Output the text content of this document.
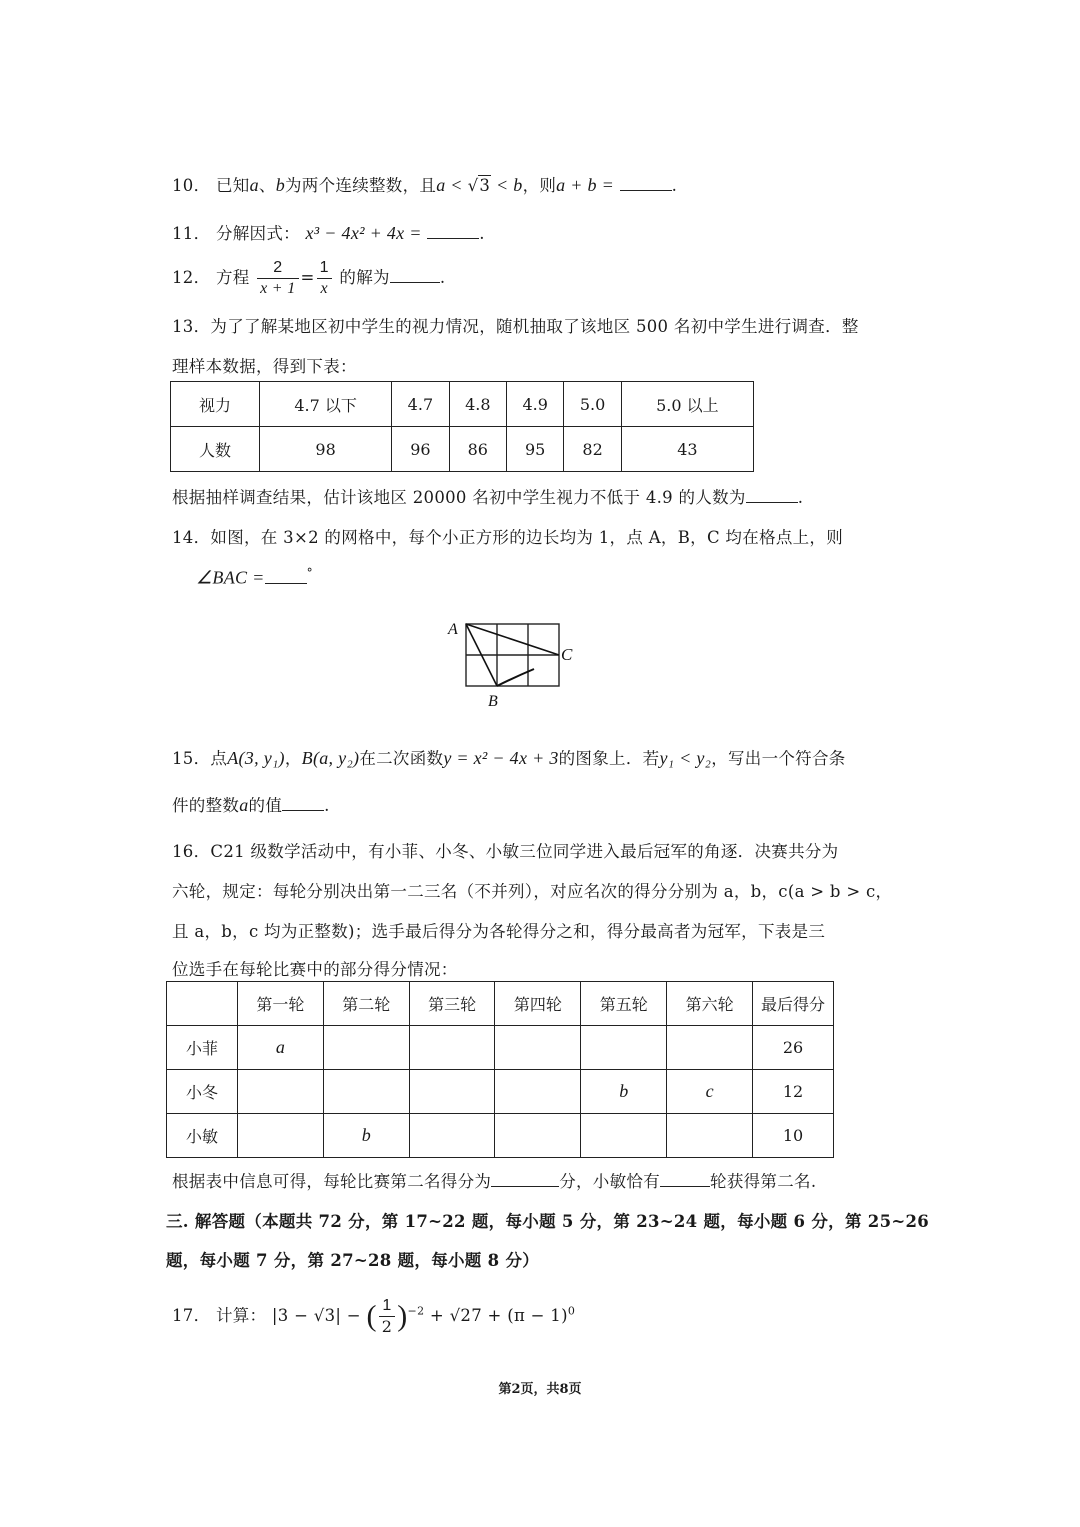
10． 已知a、b为两个连续整数，且a < √3 < b，则a + b =	.
11． 分解因式： x³ − 4x² + 4x =	.
12． 方程 $\frac{2}{x + 1} = \frac{1}{x}$ 的解为	.
13．为了了解某地区初中学生的视力情况，随机抽取了该地区 500 名初中学生进行调查．整
理样本数据，得到下表：
视力	4.7 以下	4.7	4.8	4.9	5.0	5.0 以上
人数	98	96	86	95	82	43
根据抽样调查结果，估计该地区 20000 名初中学生视力不低于 4.9 的人数为	.
14．如图，在 3×2 的网格中，每个小正方形的边长均为 1，点 A，B，C 均在格点上，则
∠BAC =	°
A
C
B
15．点A(3, y₁)，B(a, y₂)在二次函数y = x² − 4x + 3的图象上．若y₁ < y₂，写出一个符合条
件的整数a的值	.
16．C21 级数学活动中，有小菲、小冬、小敏三位同学进入最后冠军的角逐．决赛共分为
六轮，规定：每轮分别决出第一二三名（不并列），对应名次的得分分别为 a，b，c(a > b > c，
且 a，b，c 均为正整数)；选手最后得分为各轮得分之和，得分最高者为冠军，下表是三
位选手在每轮比赛中的部分得分情况：
	第一轮	第二轮	第三轮	第四轮	第五轮	第六轮	最后得分
小菲	a						26
小冬					b	c	12
小敏		b					10
根据表中信息可得，每轮比赛第二名得分为	分，小敏恰有	轮获得第二名.
三. 解答题（本题共 72 分，第 17~22 题，每小题 5 分，第 23~24 题，每小题 6 分，第 25~26
题，每小题 7 分，第 27~28 题，每小题 8 分）
17． 计算： |3 − √3| − ( $\frac{1}{2} )^{-2} + √27 + (\pi - 1)^0$
第2页，共8页
